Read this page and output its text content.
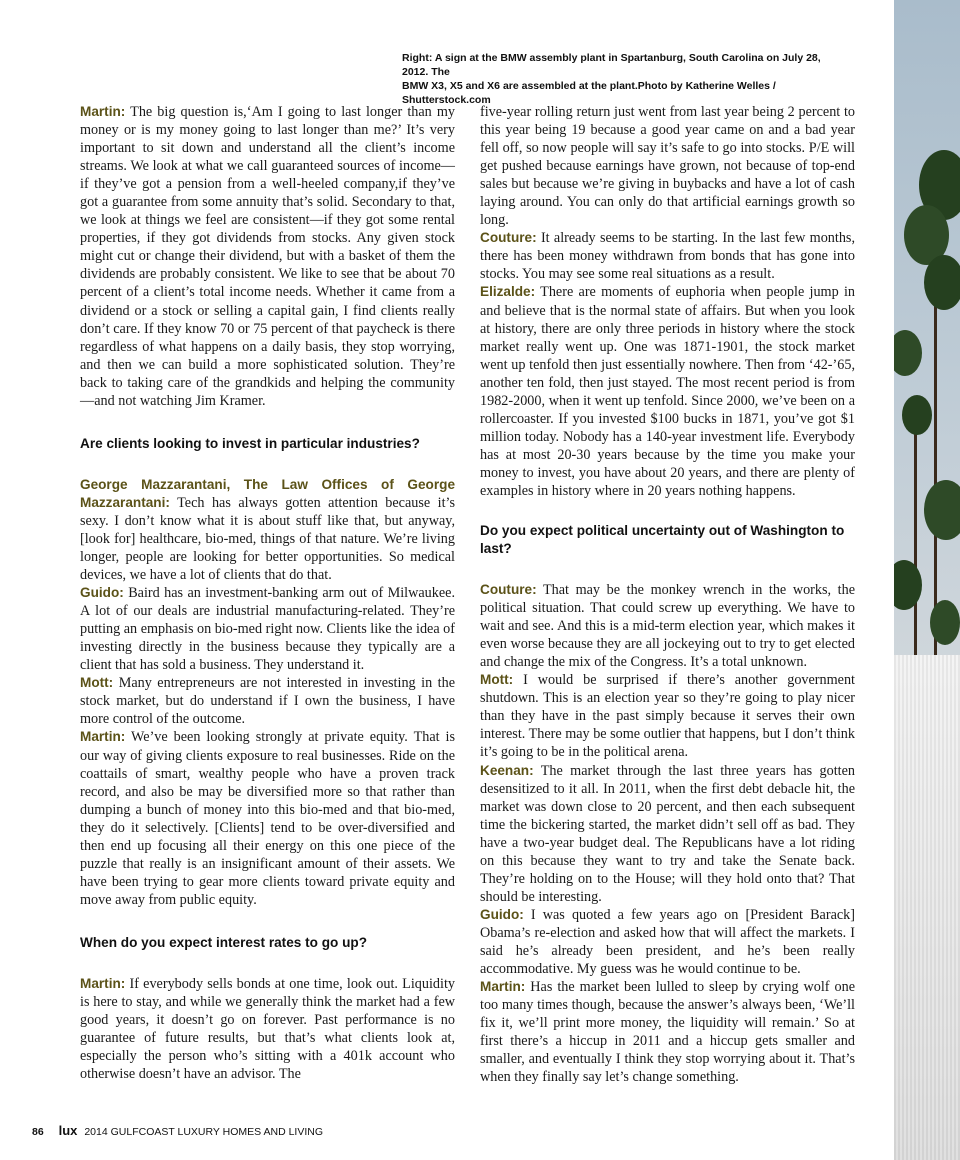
Right: A sign at the BMW assembly plant in Spartanburg, South Carolina on July 28, 2012. The
BMW X3, X5 and X6 are assembled at the plant.Photo by Katherine Welles / Shutterstock.com

Martin: The big question is,‘Am I going to last longer than my money or is my money going to last longer than me?’ It’s very important to sit down and understand all the client’s income streams. We look at what we call guaranteed sources of income—if they’ve got a pension from a well-heeled company,if they’ve got a guarantee from some annuity that’s solid. Secondary to that, we look at things we feel are consistent—if they got some rental properties, if they got dividends from stocks. Any given stock might cut or change their dividend, but with a basket of them the dividends are probably consistent. We like to see that be about 70 percent of a client’s total income needs. Whether it came from a dividend or a stock or selling a capital gain, I find clients really don’t care. If they know 70 or 75 percent of that paycheck is there regardless of what happens on a daily basis, they stop worrying, and then we can build a more sophisticated solution. They’re back to taking care of the grandkids and helping the community—and not watching Jim Kramer.

Are clients looking to invest in particular industries?

George Mazzarantani, The Law Offices of George Mazzarantani: Tech has always gotten attention because it’s sexy. I don’t know what it is about stuff like that, but anyway, [look for] healthcare, bio-med, things of that nature. We’re living longer, people are looking for better opportunities. So medical devices, we have a lot of clients that do that.

Guido: Baird has an investment-banking arm out of Milwaukee. A lot of our deals are industrial manufacturing-related. They’re putting an emphasis on bio-med right now. Clients like the idea of investing directly in the business because they typically are a client that has sold a business. They understand it.

Mott: Many entrepreneurs are not interested in investing in the stock market, but do understand if I own the business, I have more control of the outcome.

Martin: We’ve been looking strongly at private equity. That is our way of giving clients exposure to real businesses. Ride on the coattails of smart, wealthy people who have a proven track record, and also be may be diversified more so that rather than dumping a bunch of money into this bio-med and that bio-med, they do it selectively. [Clients] tend to be over-diversified and then end up focusing all their energy on this one piece of the puzzle that really is an insignificant amount of their assets. We have been trying to gear more clients toward private equity and move away from public equity.

When do you expect interest rates to go up?

Martin: If everybody sells bonds at one time, look out. Liquidity is here to stay, and while we generally think the market had a few good years, it doesn’t go on forever. Past performance is no guarantee of future results, but that’s what clients look at, especially the person who’s sitting with a 401k account who otherwise doesn’t have an advisor. The

five-year rolling return just went from last year being 2 percent to this year being 19 because a good year came on and a bad year fell off, so now people will say it’s safe to go into stocks. P/E will get pushed because earnings have grown, not because of top-end sales but because we’re giving in buybacks and have a lot of cash laying around. You can only do that artificial earnings growth so long.

Couture: It already seems to be starting. In the last few months, there has been money withdrawn from bonds that has gone into stocks. You may see some real situations as a result.

Elizalde: There are moments of euphoria when people jump in and believe that is the normal state of affairs. But when you look at history, there are only three periods in history where the stock market really went up. One was 1871-1901, the stock market went up tenfold then just essentially nowhere. Then from ‘42-’65, another ten fold, then just stayed. The most recent period is from 1982-2000, when it went up tenfold. Since 2000, we’ve been on a rollercoaster. If you invested $100 bucks in 1871, you’ve got $1 million today. Nobody has a 140-year investment life. Everybody has at most 20-30 years because by the time you make your money to invest, you have about 20 years, and there are plenty of examples in history where in 20 years nothing happens.

Do you expect political uncertainty out of Washington to last?

Couture: That may be the monkey wrench in the works, the political situation. That could screw up everything. We have to wait and see. And this is a mid-term election year, which makes it even worse because they are all jockeying out to try to get elected and change the mix of the Congress. It’s a total unknown.

Mott: I would be surprised if there’s another government shutdown. This is an election year so they’re going to play nicer than they have in the past simply because it serves their own interest. There may be some outlier that happens, but I don’t think it’s going to be in the political arena.

Keenan: The market through the last three years has gotten desensitized to it all. In 2011, when the first debt debacle hit, the market was down close to 20 percent, and then each subsequent time the bickering started, the market didn’t sell off as bad. They have a two-year budget deal. The Republicans have a lot riding on this because they want to try and take the Senate back. They’re holding on to the House; will they hold onto that? That should be interesting.

Guido: I was quoted a few years ago on [President Barack] Obama’s re-election and asked how that will affect the markets. I said he’s already been president, and he’s been really accommodative. My guess was he would continue to be.

Martin: Has the market been lulled to sleep by crying wolf one too many times though, because the answer’s always been, ‘We’ll fix it, we’ll print more money, the liquidity will remain.’ So at first there’s a hiccup in 2011 and a hiccup gets smaller and smaller, and eventually I think they stop worrying about it. That’s when they finally say let’s change something.

86 lux 2014 GULFCOAST LUXURY HOMES AND LIVING
